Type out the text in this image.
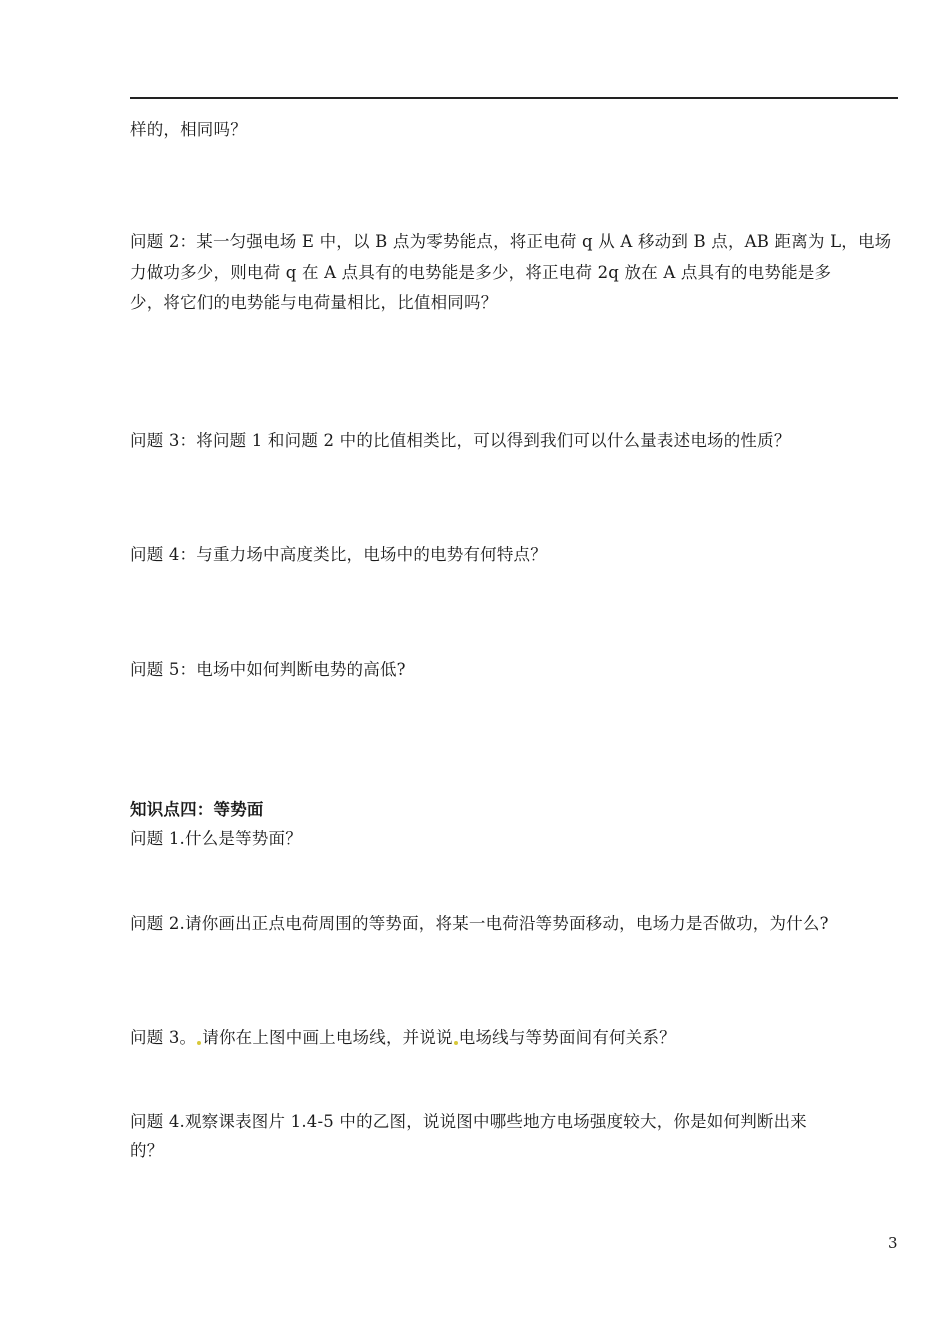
样的，相同吗？
问题 2：某一匀强电场 E 中，以 B 点为零势能点，将正电荷 q 从 A 移动到 B 点，AB 距离为 L，电场
力做功多少，则电荷 q 在 A 点具有的电势能是多少，将正电荷 2q 放在 A 点具有的电势能是多
少，将它们的电势能与电荷量相比，比值相同吗？
问题 3：将问题 1 和问题 2 中的比值相类比，可以得到我们可以什么量表述电场的性质？
问题 4：与重力场中高度类比，电场中的电势有何特点？
问题 5：电场中如何判断电势的高低?
知识点四：等势面
问题 1.什么是等势面？
问题 2.请你画出正点电荷周围的等势面，将某一电荷沿等势面移动，电场力是否做功，为什么?
问题 3。 请你在上图中画上电场线，并说说 电场线与等势面间有何关系？
问题 4.观察课表图片 1.4-5 中的乙图，说说图中哪些地方电场强度较大，你是如何判断出来
的？
3
